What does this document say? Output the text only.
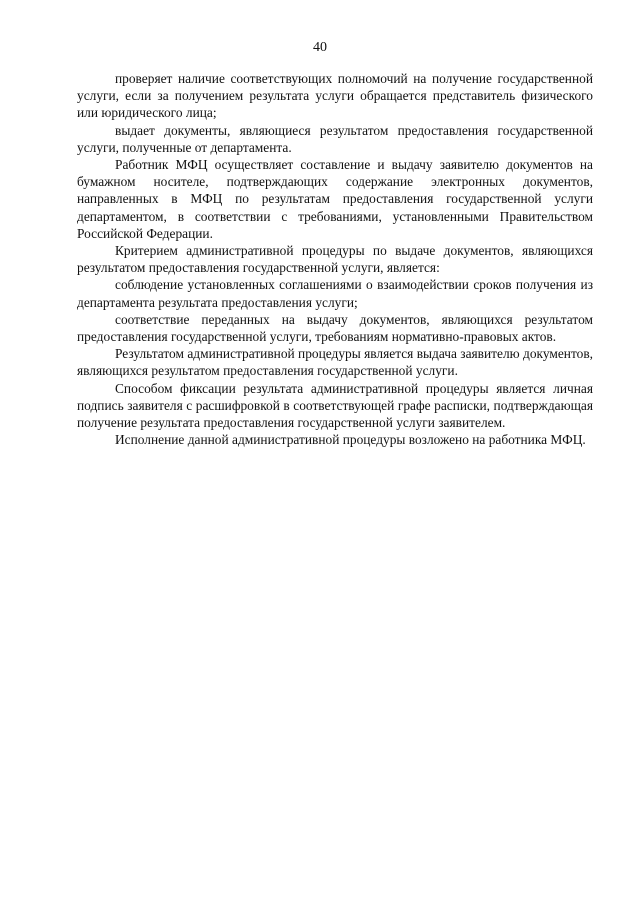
40

проверяет наличие соответствующих полномочий на получение государственной услуги, если за получением результата услуги обращается представитель физического или юридического лица;

выдает документы, являющиеся результатом предоставления государственной услуги, полученные от департамента.

Работник МФЦ осуществляет составление и выдачу заявителю документов на бумажном носителе, подтверждающих содержание электронных документов, направленных в МФЦ по результатам предоставления государственной услуги департаментом, в соответствии с требованиями, установленными Правительством Российской Федерации.

Критерием административной процедуры по выдаче документов, являющихся результатом предоставления государственной услуги, является:

соблюдение установленных соглашениями о взаимодействии сроков получения из департамента результата предоставления услуги;

соответствие переданных на выдачу документов, являющихся результатом предоставления государственной услуги, требованиям нормативно-правовых актов.

Результатом административной процедуры является выдача заявителю документов, являющихся результатом предоставления государственной услуги.

Способом фиксации результата административной процедуры является личная подпись заявителя с расшифровкой в соответствующей графе расписки, подтверждающая получение результата предоставления государственной услуги заявителем.

Исполнение данной административной процедуры возложено на работника МФЦ.
